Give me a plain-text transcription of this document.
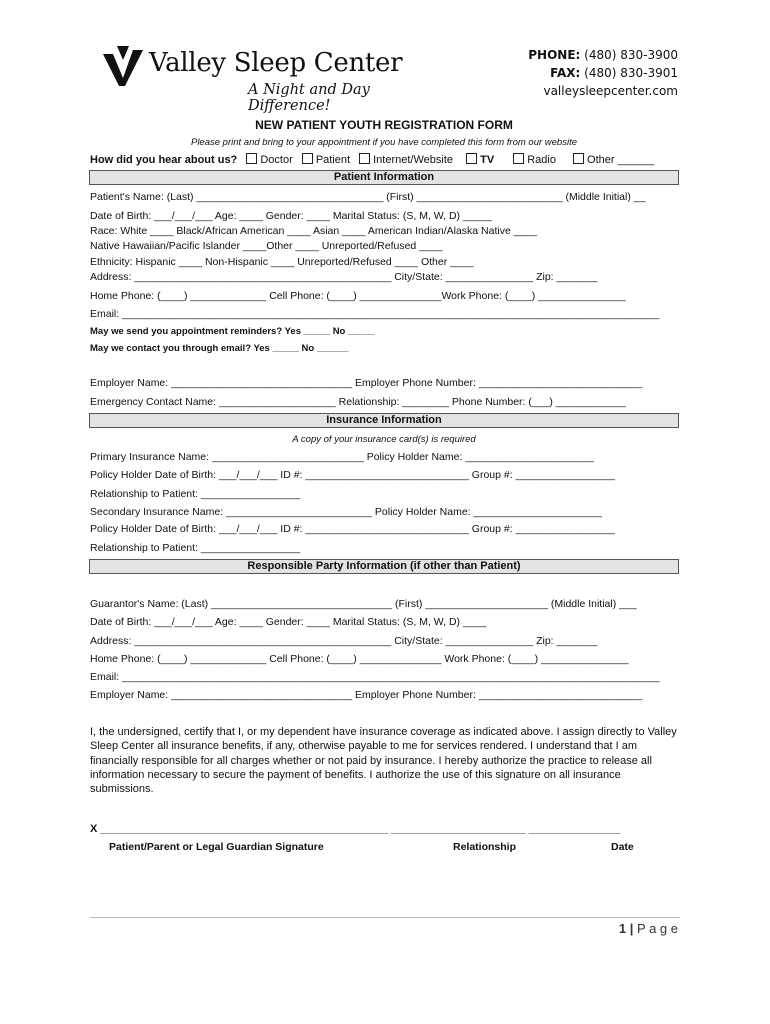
Valley Sleep Center
A Night and Day Difference!
PHONE: (480) 830-3900
FAX: (480) 830-3901
valleysleepcenter.com
NEW PATIENT YOUTH REGISTRATION FORM
Please print and bring to your appointment if you have completed this form from our website
How did you hear about us? Doctor Patient Internet/Website TV	Radio	Other ______
Patient Information
Patient's Name: (Last) ________________________________ (First) _________________________ (Middle Initial) __
Date of Birth: ___/___/___ Age: ____ Gender: ____ Marital Status: (S, M, W, D) _____
Race: White ____ Black/African American ____ Asian ____ American Indian/Alaska Native ____
Native Hawaiian/Pacific Islander ____Other ____ Unreported/Refused ____
Ethnicity: Hispanic ____ Non-Hispanic ____ Unreported/Refused ____ Other ____
Address: ____________________________________________ City/State: _______________ Zip: _______
Home Phone: (____) _____________ Cell Phone: (____) ______________Work Phone: (____) _______________
Email: ____________________________________________________________________________________________
May we send you appointment reminders? Yes _____ No _____
May we contact you through email? Yes _____ No ______
Employer Name: _______________________________ Employer Phone Number: ____________________________
Emergency Contact Name: ____________________ Relationship: ________ Phone Number: (___) ____________
Insurance Information
A copy of your insurance card(s) is required
Primary Insurance Name: __________________________ Policy Holder Name: ______________________
Policy Holder Date of Birth: ___/___/___ ID #: ____________________________ Group #: _________________
Relationship to Patient: _________________
Secondary Insurance Name: _________________________ Policy Holder Name: ______________________
Policy Holder Date of Birth: ___/___/___ ID #: ____________________________ Group #: _________________
Relationship to Patient: _________________
Responsible Party Information (if other than Patient)
Guarantor's Name: (Last) _______________________________ (First) _____________________ (Middle Initial) ___
Date of Birth: ___/___/___ Age: ____ Gender: ____ Marital Status: (S, M, W, D) ____
Address: ____________________________________________ City/State: _______________ Zip: _______
Home Phone: (____) _____________ Cell Phone: (____) ______________ Work Phone: (____) _______________
Email: ____________________________________________________________________________________________
Employer Name: _______________________________ Employer Phone Number: ____________________________
I, the undersigned, certify that I, or my dependent have insurance coverage as indicated above. I assign directly to Valley Sleep Center all insurance benefits, if any, otherwise payable to me for services rendered. I understand that I am financially responsible for all charges whether or not paid by insurance. I hereby authorize the practice to release all information necessary to secure the payment of benefits. I authorize the use of this signature on all insurance submissions.
X _______________________________________________ ______________________ _______________
Patient/Parent or Legal Guardian Signature	Relationship	Date
1 | P a g e
